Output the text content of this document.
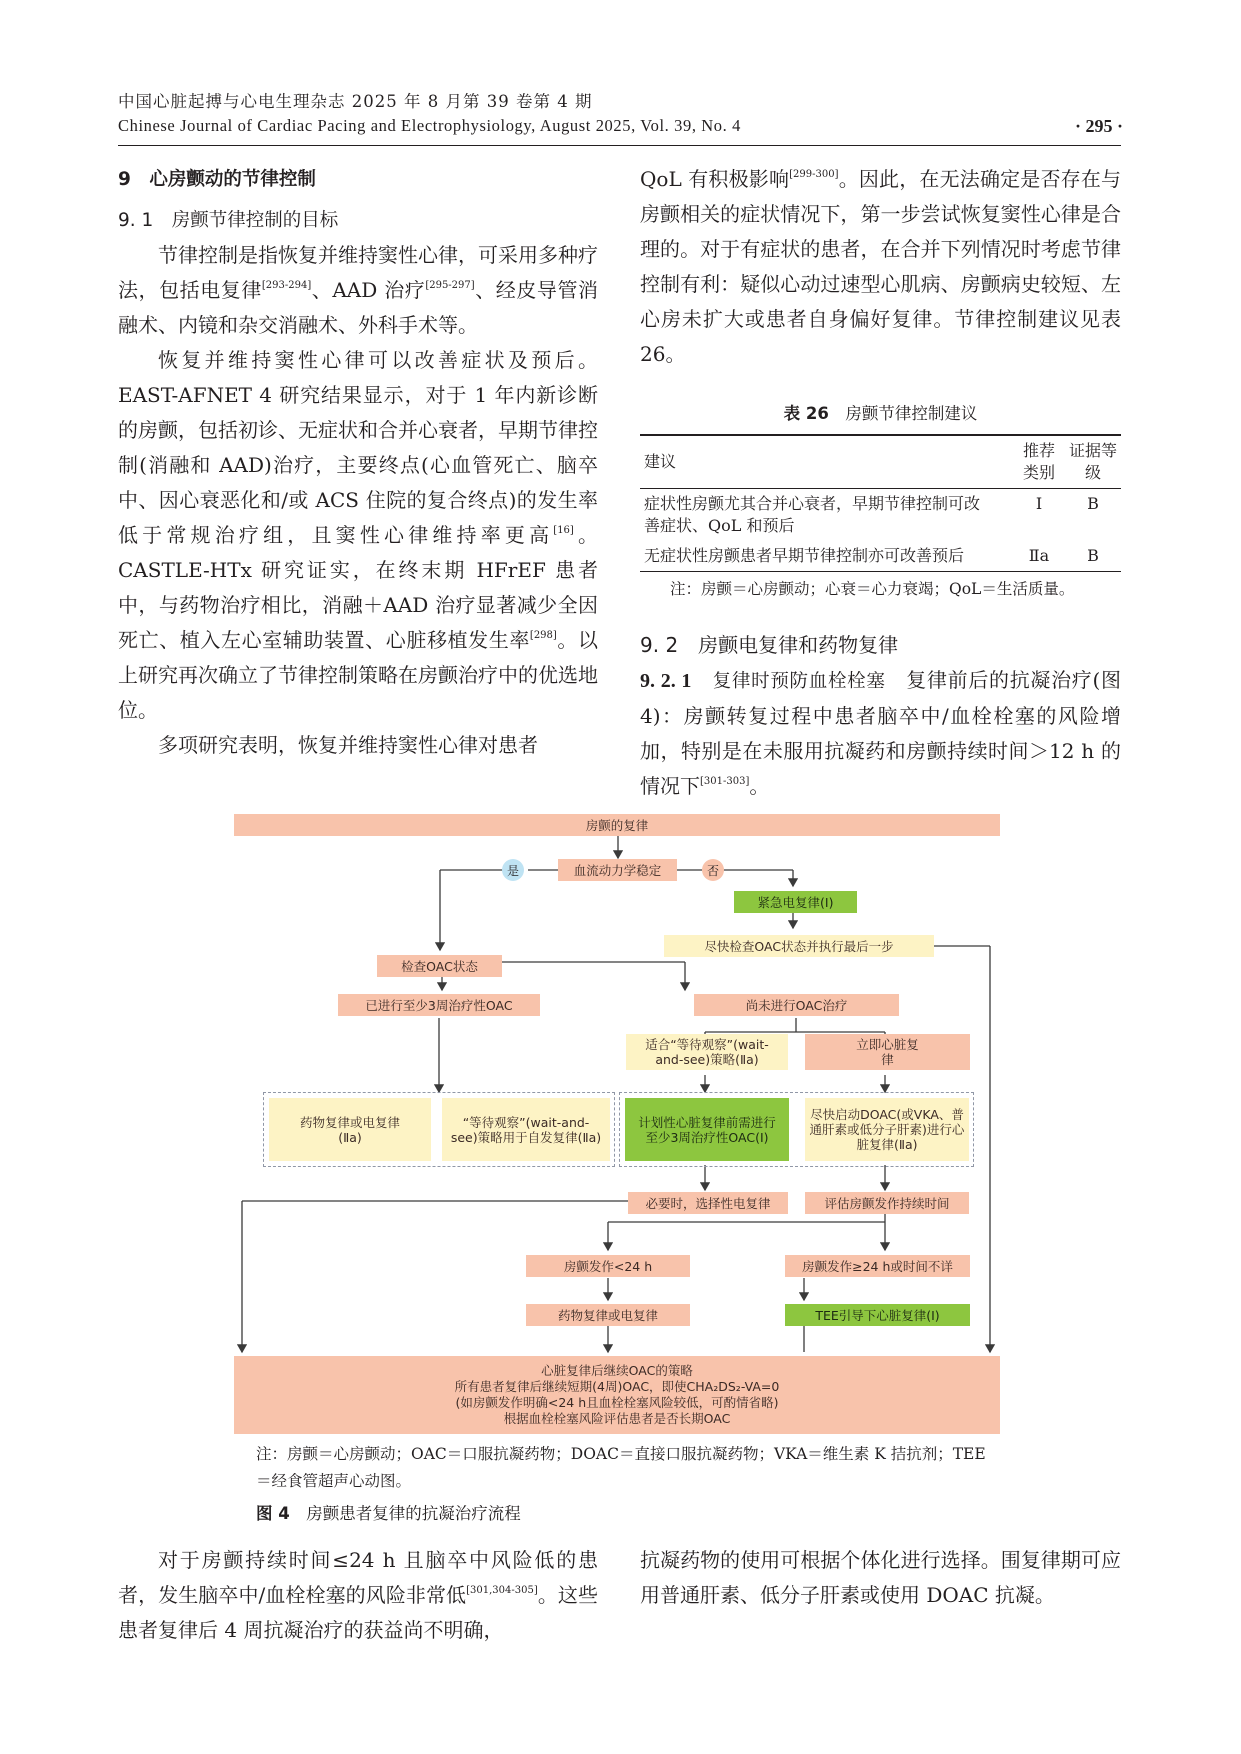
中国心脏起搏与心电生理杂志 2025 年 8 月第 39 卷第 4 期
Chinese Journal of Cardiac Pacing and Electrophysiology, August 2025, Vol. 39, No. 4	· 295 ·

9　心房颤动的节律控制

9. 1　房颤节律控制的目标

节律控制是指恢复并维持窦性心律，可采用多种疗法，包括电复律[293-294]、AAD 治疗[295-297]、经皮导管消融术、内镜和杂交消融术、外科手术等。

恢复并维持窦性心律可以改善症状及预后。EAST-AFNET 4 研究结果显示，对于 1 年内新诊断的房颤，包括初诊、无症状和合并心衰者，早期节律控制(消融和 AAD)治疗，主要终点(心血管死亡、脑卒中、因心衰恶化和/或 ACS 住院的复合终点)的发生率低于常规治疗组，且窦性心律维持率更高[16]。CASTLE-HTx 研究证实，在终末期 HFrEF 患者中，与药物治疗相比，消融＋AAD 治疗显著减少全因死亡、植入左心室辅助装置、心脏移植发生率[298]。以上研究再次确立了节律控制策略在房颤治疗中的优选地位。

多项研究表明，恢复并维持窦性心律对患者

QoL 有积极影响[299-300]。因此，在无法确定是否存在与房颤相关的症状情况下，第一步尝试恢复窦性心律是合理的。对于有症状的患者，在合并下列情况时考虑节律控制有利：疑似心动过速型心肌病、房颤病史较短、左心房未扩大或患者自身偏好复律。节律控制建议见表 26。

表 26　 房颤节律控制建议
建议	推荐类别	证据等级
症状性房颤尤其合并心衰者，早期节律控制可改善症状、QoL 和预后	I	B
无症状性房颤患者早期节律控制亦可改善预后	Ⅱa	B
注：房颤＝心房颤动；心衰＝心力衰竭；QoL＝生活质量。

9. 2　房颤电复律和药物复律

9. 2. 1　 复律时预防血栓栓塞　 复律前后的抗凝治疗(图 4)：房颤转复过程中患者脑卒中/血栓栓塞的风险增加，特别是在未服用抗凝药和房颤持续时间＞12 h 的情况下[301-303]。

房颤的复律
血流动力学稳定
是	否
紧急电复律(I)
尽快检查OAC状态并执行最后一步
检查OAC状态
已进行至少3周治疗性OAC	尚未进行OAC治疗
适合“等待观察”(wait-and-see)策略(Ⅱa)
立即心脏复律
药物复律或电复律(Ⅱa)
“等待观察”(wait-and-see)策略用于自发复律(Ⅱa)
计划性心脏复律前需进行至少3周治疗性OAC(I)
尽快启动DOAC(或VKA、普通肝素或低分子肝素)进行心脏复律(Ⅱa)
必要时，选择性电复律	评估房颤发作持续时间
房颤发作<24 h	房颤发作≥24 h或时间不详
药物复律或电复律	TEE引导下心脏复律(I)
心脏复律后继续OAC的策略
所有患者复律后继续短期(4周)OAC，即使CHA₂DS₂-VA=0
(如房颤发作明确<24 h且血栓栓塞风险较低，可酌情省略)
根据血栓栓塞风险评估患者是否长期OAC
注：房颤＝心房颤动；OAC＝口服抗凝药物；DOAC＝直接口服抗凝药物；VKA＝维生素 K 拮抗剂；TEE＝经食管超声心动图。
图 4　 房颤患者复律的抗凝治疗流程

对于房颤持续时间≤24 h 且脑卒中风险低的患者，发生脑卒中/血栓栓塞的风险非常低[301,304-305]。这些患者复律后 4 周抗凝治疗的获益尚不明确，

抗凝药物的使用可根据个体化进行选择。围复律期可应用普通肝素、低分子肝素或使用 DOAC 抗凝。
